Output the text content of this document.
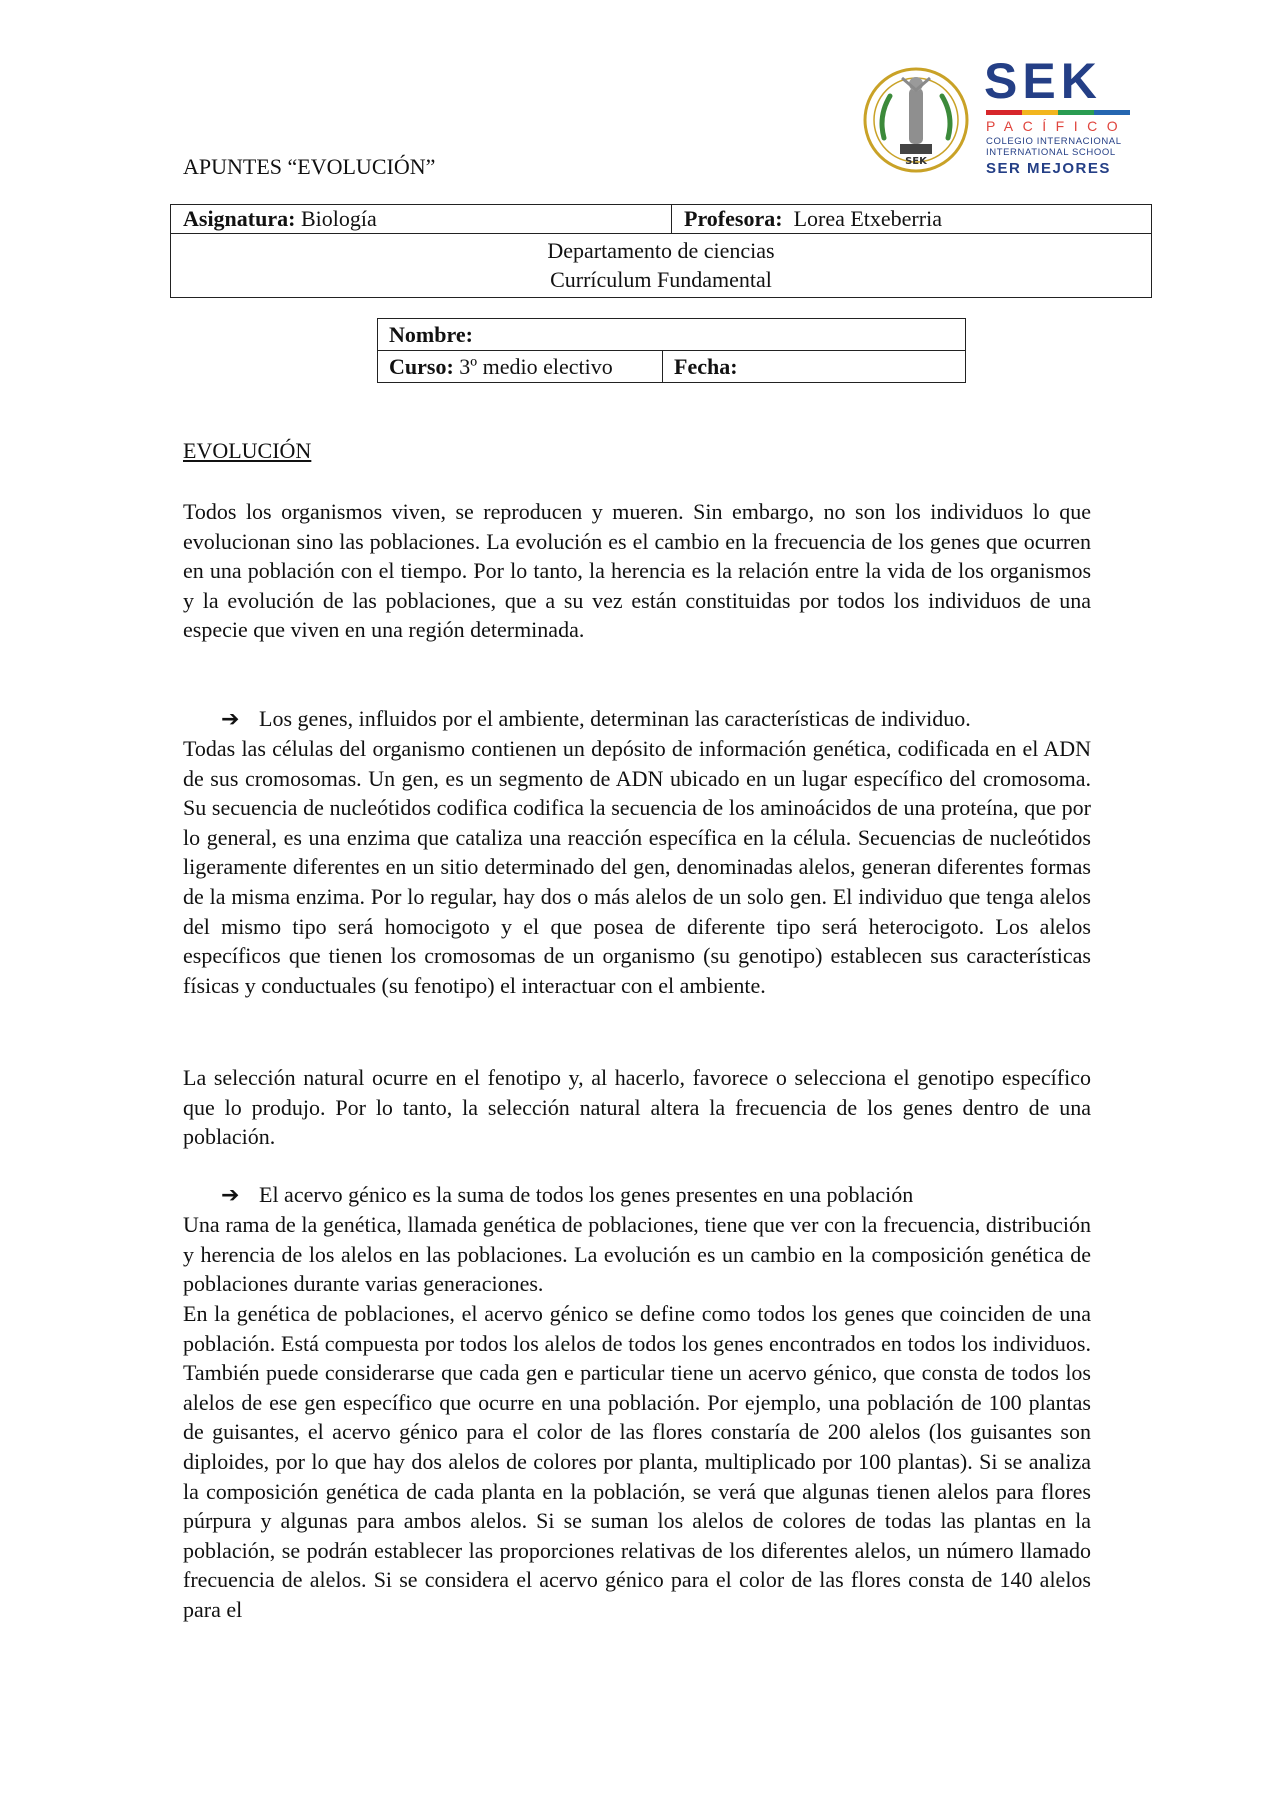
SEK
SEK
PACÍFICO
COLEGIO INTERNACIONAL
INTERNATIONAL SCHOOL
SER MEJORES
APUNTES “EVOLUCIÓN”
Asignatura: Biología	Profesora: Lorea Etxeberria

Departamento de ciencias
Currículum Fundamental
Nombre:
Curso: 3º medio electivo	Fecha:
EVOLUCIÓN

Todos los organismos viven, se reproducen y mueren. Sin embargo, no son los individuos lo que evolucionan sino las poblaciones. La evolución es el cambio en la frecuencia de los genes que ocurren en una población con el tiempo. Por lo tanto, la herencia es la relación entre la vida de los organismos y la evolución de las poblaciones, que a su vez están constituidas por todos los individuos de una especie que viven en una región determinada.

➔ Los genes, influidos por el ambiente, determinan las características de individuo.

Todas las células del organismo contienen un depósito de información genética, codificada en el ADN de sus cromosomas. Un gen, es un segmento de ADN ubicado en un lugar específico del cromosoma. Su secuencia de nucleótidos codifica codifica la secuencia de los aminoácidos de una proteína, que por lo general, es una enzima que cataliza una reacción específica en la célula. Secuencias de nucleótidos ligeramente diferentes en un sitio determinado del gen, denominadas alelos, generan diferentes formas de la misma enzima. Por lo regular, hay dos o más alelos de un solo gen. El individuo que tenga alelos del mismo tipo será homocigoto y el que posea de diferente tipo será heterocigoto. Los alelos específicos que tienen los cromosomas de un organismo (su genotipo) establecen sus características físicas y conductuales (su fenotipo) el interactuar con el ambiente.

La selección natural ocurre en el fenotipo y, al hacerlo, favorece o selecciona el genotipo específico que lo produjo. Por lo tanto, la selección natural altera la frecuencia de los genes dentro de una población.

➔ El acervo génico es la suma de todos los genes presentes en una población

Una rama de la genética, llamada genética de poblaciones, tiene que ver con la frecuencia, distribución y herencia de los alelos en las poblaciones. La evolución es un cambio en la composición genética de poblaciones durante varias generaciones.

En la genética de poblaciones, el acervo génico se define como todos los genes que coinciden de una población. Está compuesta por todos los alelos de todos los genes encontrados en todos los individuos. También puede considerarse que cada gen e particular tiene un acervo génico, que consta de todos los alelos de ese gen específico que ocurre en una población. Por ejemplo, una población de 100 plantas de guisantes, el acervo génico para el color de las flores constaría de 200 alelos (los guisantes son diploides, por lo que hay dos alelos de colores por planta, multiplicado por 100 plantas). Si se analiza la composición genética de cada planta en la población, se verá que algunas tienen alelos para flores púrpura y algunas para ambos alelos. Si se suman los alelos de colores de todas las plantas en la población, se podrán establecer las proporciones relativas de los diferentes alelos, un número llamado frecuencia de alelos. Si se considera el acervo génico para el color de las flores consta de 140 alelos para el
